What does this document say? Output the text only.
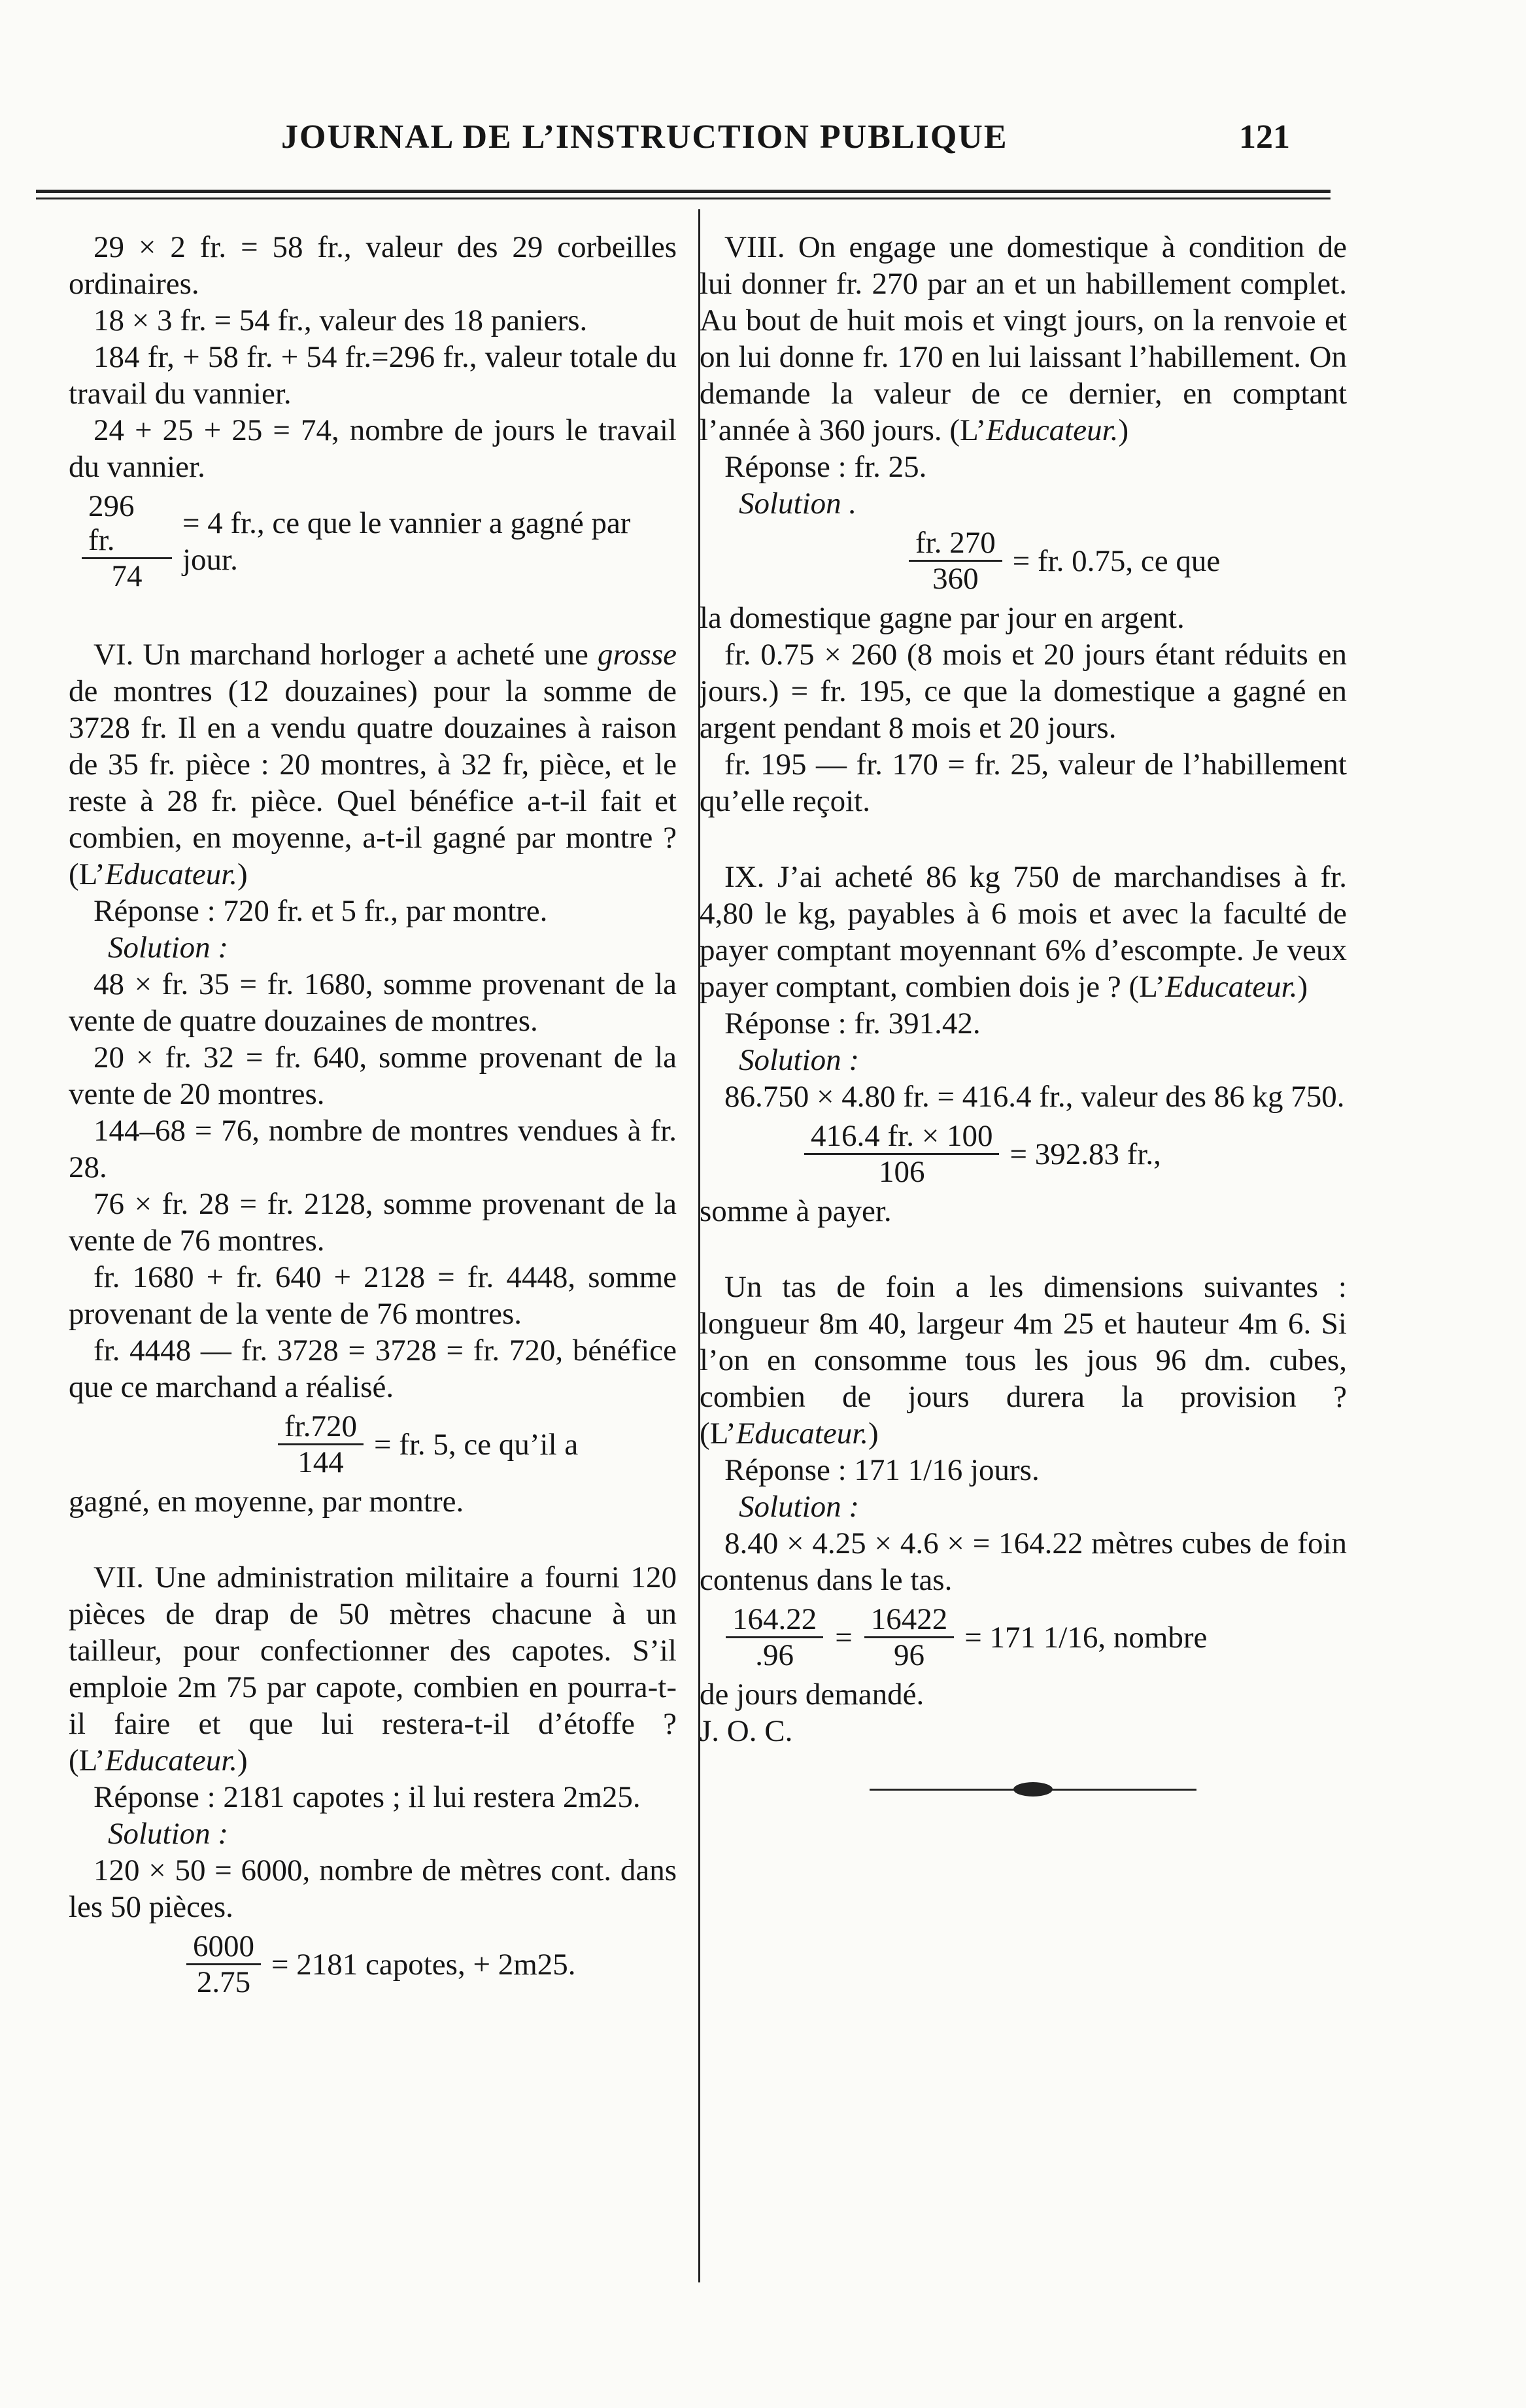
JOURNAL DE L’INSTRUCTION PUBLIQUE	121

29 × 2 fr. = 58 fr., valeur des 29 corbeilles ordinaires.

18 × 3 fr. = 54 fr., valeur des 18 paniers.

184 fr, + 58 fr. + 54 fr.=296 fr., valeur totale du travail du vannier.

24 + 25 + 25 = 74, nombre de jours le travail du vannier.

296 fr.
74
= 4 fr., ce que le vannier a gagné par jour.

VI. Un marchand horloger a acheté une grosse de montres (12 douzaines) pour la somme de 3728 fr. Il en a vendu quatre douzaines à raison de 35 fr. pièce : 20 montres, à 32 fr, pièce, et le reste à 28 fr. pièce. Quel bénéfice a-t-il fait et combien, en moyenne, a-t-il gagné par montre ? (L’Educateur.)

Réponse : 720 fr. et 5 fr., par montre.

Solution :

48 × fr. 35 = fr. 1680, somme provenant de la vente de quatre douzaines de montres.

20 × fr. 32 = fr. 640, somme provenant de la vente de 20 montres.

144–68 = 76, nombre de montres vendues à fr. 28.

76 × fr. 28 = fr. 2128, somme provenant de la vente de 76 montres.

fr. 1680 + fr. 640 + 2128 = fr. 4448, somme provenant de la vente de 76 montres.

fr. 4448 — fr. 3728 = 3728 = fr. 720, bénéfice que ce marchand a réalisé.

fr.720
144
= fr. 5, ce qu’il a

gagné, en moyenne, par montre.

VII. Une administration militaire a fourni 120 pièces de drap de 50 mètres chacune à un tailleur, pour confectionner des capotes. S’il emploie 2m 75 par capote, combien en pourra-t-il faire et que lui restera-t-il d’étoffe ? (L’Educateur.)

Réponse : 2181 capotes ; il lui restera 2m25.

Solution :

120 × 50 = 6000, nombre de mètres cont. dans les 50 pièces.

6000
2.75
= 2181 capotes, + 2m25.

VIII. On engage une domestique à condition de lui donner fr. 270 par an et un habillement complet. Au bout de huit mois et vingt jours, on la renvoie et on lui donne fr. 170 en lui laissant l’habillement. On demande la valeur de ce dernier, en comptant l’année à 360 jours. (L’Educateur.)

Réponse : fr. 25.

Solution .

fr. 270
360
= fr. 0.75, ce que

la domestique gagne par jour en argent.

fr. 0.75 × 260 (8 mois et 20 jours étant réduits en jours.) = fr. 195, ce que la domestique a gagné en argent pendant 8 mois et 20 jours.

fr. 195 — fr. 170 = fr. 25, valeur de l’habillement qu’elle reçoit.

IX. J’ai acheté 86 kg 750 de marchandises à fr. 4,80 le kg, payables à 6 mois et avec la faculté de payer comptant moyennant 6% d’escompte. Je veux payer comptant, combien dois je ? (L’Educateur.)

Réponse : fr. 391.42.

Solution :

86.750 × 4.80 fr. = 416.4 fr., valeur des 86 kg 750.

416.4 fr. × 100
106
= 392.83 fr.,

somme à payer.

Un tas de foin a les dimensions suivantes : longueur 8m 40, largeur 4m 25 et hauteur 4m 6. Si l’on en consomme tous les jous 96 dm. cubes, combien de jours durera la provision ? (L’Educateur.)

Réponse : 171 1/16 jours.

Solution :

8.40 × 4.25 × 4.6 × = 164.22 mètres cubes de foin contenus dans le tas.

164.22
.96
=
16422
96
= 171 1/16, nombre

de jours demandé.

J. O. C.
